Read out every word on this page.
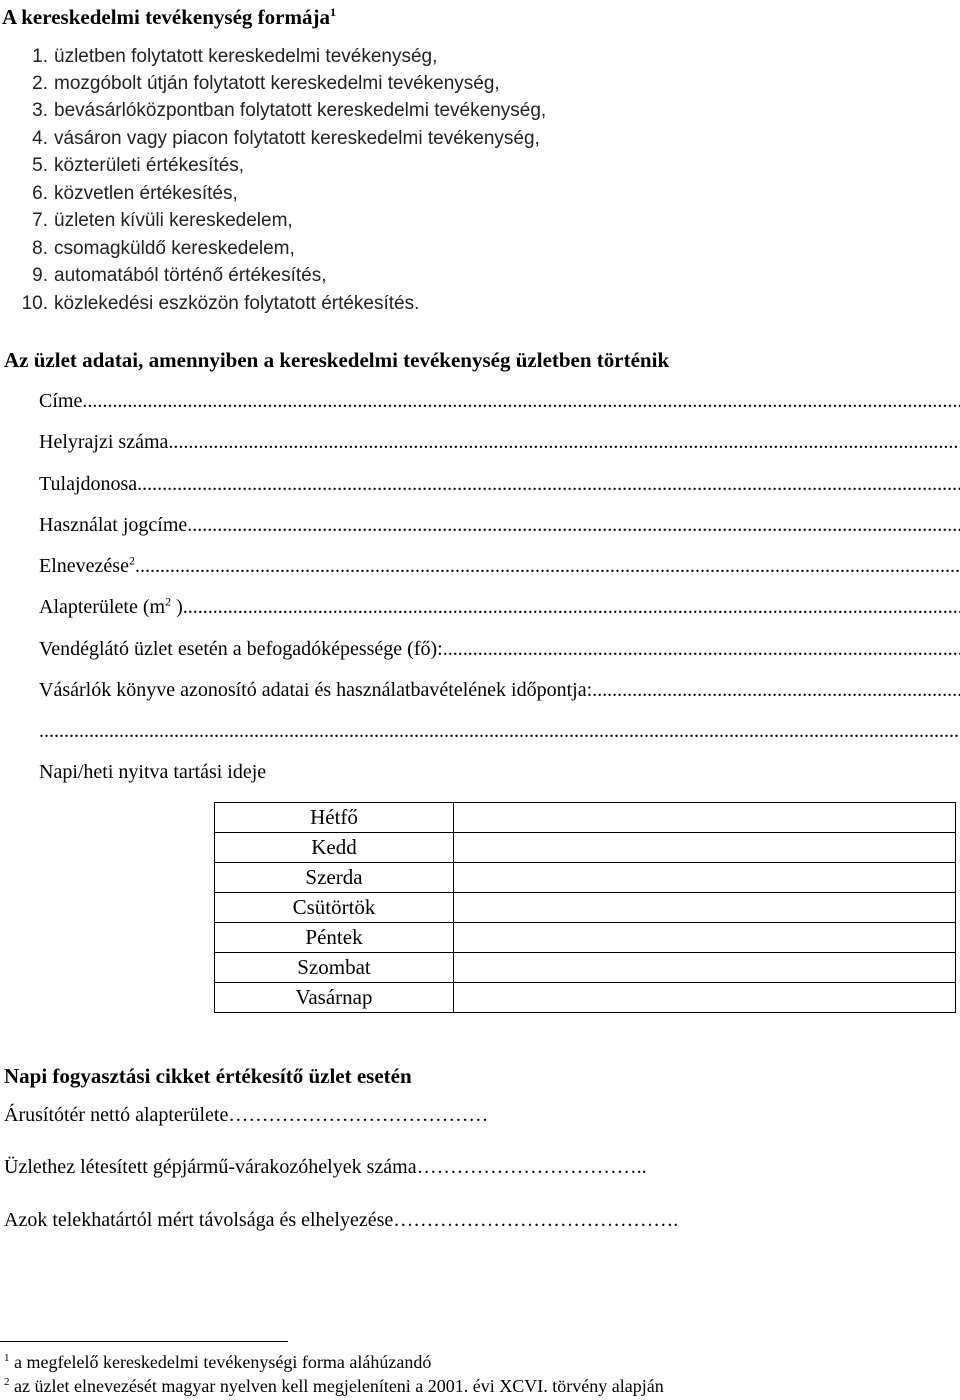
A kereskedelmi tevékenység formája$^1$
1. üzletben folytatott kereskedelmi tevékenység,
2. mozgóbolt útján folytatott kereskedelmi tevékenység,
3. bevásárlóközpontban folytatott kereskedelmi tevékenység,
4. vásáron vagy piacon folytatott kereskedelmi tevékenység,
5. közterületi értékesítés,
6. közvetlen értékesítés,
7. üzleten kívüli kereskedelem,
8. csomagküldő kereskedelem,
9. automatából történő értékesítés,
10. közlekedési eszközön folytatott értékesítés.
Az üzlet adatai, amennyiben a kereskedelmi tevékenység üzletben történik
Címe
.....
Helyrajzi száma
.....
Tulajdonosa
.....
Használat jogcíme
.....
Elnevezése$^2$
.....
Alapterülete ($m^2$ )
.....
Vendéglátó üzlet esetén a befogadóképessége (fő):
.....
Vásárlók könyve azonosító adatai és használatbavételének időpontja:
.....
.....
Napi/heti nyitva tartási ideje
Hétfő	
Kedd	
Szerda	
Csütörtök	
Péntek	
Szombat	
Vasárnap	
Napi fogyasztási cikket értékesítő üzlet esetén
Árusítótér nettó alapterülete…………………………………
Üzlethez létesített gépjármű-várakozóhelyek száma……………………………..
Azok telekhatártól mért távolsága és elhelyezése…………………………………….
$^1$ a megfelelő kereskedelmi tevékenységi forma aláhúzandó
$^2$ az üzlet elnevezését magyar nyelven kell megjeleníteni a 2001. évi XCVI. törvény alapján
